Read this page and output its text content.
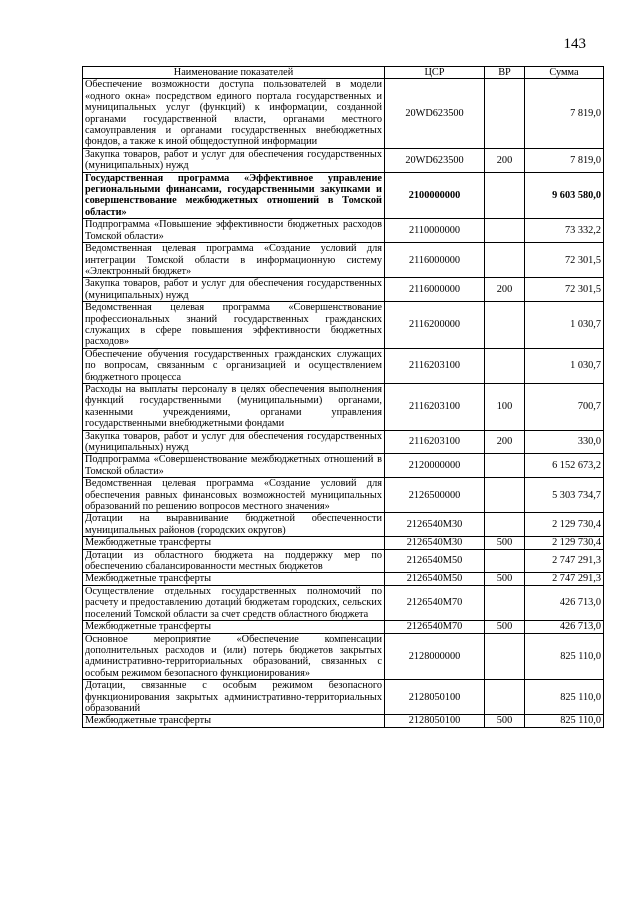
143
Наименование показателей	ЦСР	ВР	Сумма
Обеспечение возможности доступа пользователей в модели «одного окна» посредством единого портала государственных и муниципальных услуг (функций) к информации, созданной органами государственной власти, органами местного самоуправления и органами государственных внебюджетных фондов, а также к иной общедоступной информации	20WD623500		7 819,0
Закупка товаров, работ и услуг для обеспечения государственных (муниципальных) нужд	20WD623500	200	7 819,0
Государственная программа «Эффективное управление региональными финансами, государственными закупками и совершенствование межбюджетных отношений в Томской области»	2100000000		9 603 580,0
Подпрограмма «Повышение эффективности бюджетных расходов Томской области»	2110000000		73 332,2
Ведомственная целевая программа «Создание условий для интеграции Томской области в информационную систему «Электронный бюджет»	2116000000		72 301,5
Закупка товаров, работ и услуг для обеспечения государственных (муниципальных) нужд	2116000000	200	72 301,5
Ведомственная целевая программа «Совершенствование профессиональных знаний государственных гражданских служащих в сфере повышения эффективности бюджетных расходов»	2116200000		1 030,7
Обеспечение обучения государственных гражданских служащих по вопросам, связанным с организацией и осуществлением бюджетного процесса	2116203100		1 030,7
Расходы на выплаты персоналу в целях обеспечения выполнения функций государственными (муниципальными) органами, казенными учреждениями, органами управления государственными внебюджетными фондами	2116203100	100	700,7
Закупка товаров, работ и услуг для обеспечения государственных (муниципальных) нужд	2116203100	200	330,0
Подпрограмма «Совершенствование межбюджетных отношений в Томской области»	2120000000		6 152 673,2
Ведомственная целевая программа «Создание условий для обеспечения равных финансовых возможностей муниципальных образований по решению вопросов местного значения»	2126500000		5 303 734,7
Дотации на выравнивание бюджетной обеспеченности муниципальных районов (городских округов)	2126540М30		2 129 730,4
Межбюджетные трансферты	2126540М30	500	2 129 730,4
Дотации из областного бюджета на поддержку мер по обеспечению сбалансированности местных бюджетов	2126540М50		2 747 291,3
Межбюджетные трансферты	2126540М50	500	2 747 291,3
Осуществление отдельных государственных полномочий по расчету и предоставлению дотаций бюджетам городских, сельских поселений Томской области за счет средств областного бюджета	2126540М70		426 713,0
Межбюджетные трансферты	2126540М70	500	426 713,0
Основное мероприятие «Обеспечение компенсации дополнительных расходов и (или) потерь бюджетов закрытых административно-территориальных образований, связанных с особым режимом безопасного функционирования»	2128000000		825 110,0
Дотации, связанные с особым режимом безопасного функционирования закрытых административно-территориальных образований	2128050100		825 110,0
Межбюджетные трансферты	2128050100	500	825 110,0
